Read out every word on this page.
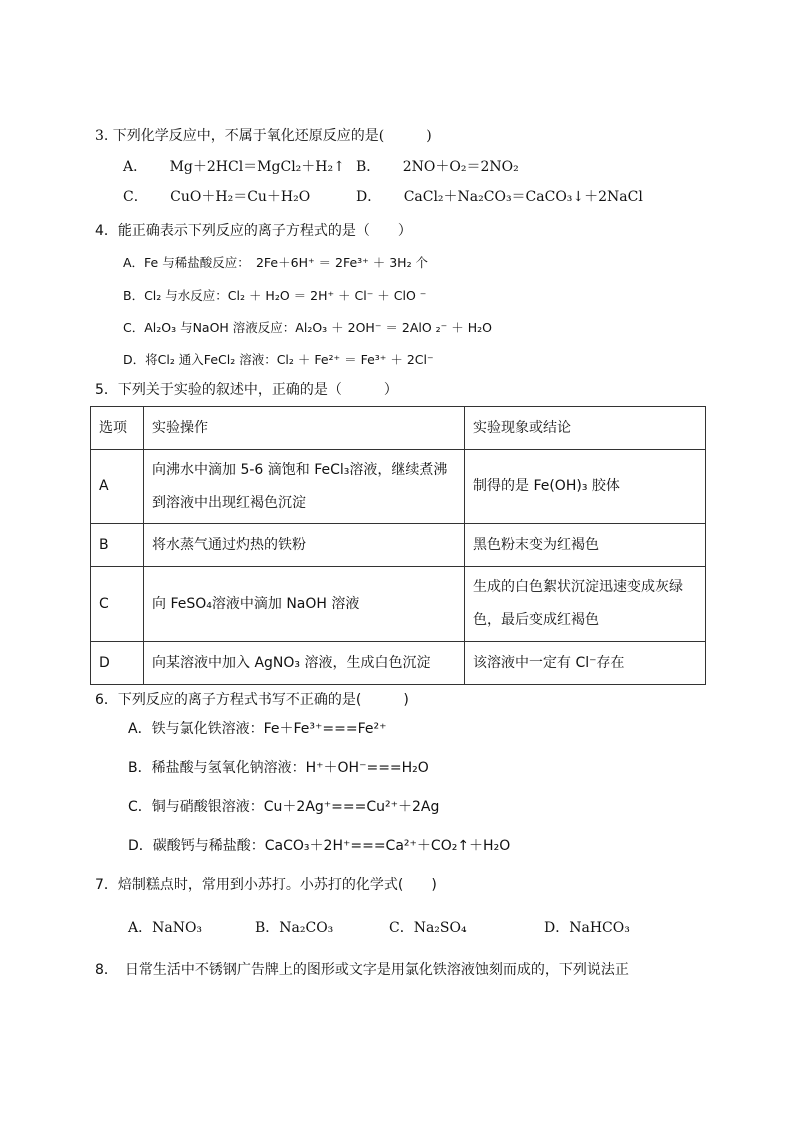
3. 下列化学反应中，不属于氧化还原反应的是(　　　)
A． Mg＋2HCl＝MgCl₂＋H₂↑ B． 2NO＋O₂＝2NO₂
C． CuO＋H₂＝Cu＋H₂O	D． CaCl₂＋Na₂CO₃＝CaCO₃↓＋2NaCl
4．能正确表示下列反应的离子方程式的是（　　）
A．Fe 与稀盐酸反应：　2Fe＋6H⁺ ＝ 2Fe³⁺ ＋ 3H₂ 个
B．Cl₂ 与水反应：Cl₂ ＋ H₂O ＝ 2H⁺ ＋ Cl⁻ ＋ ClO ⁻
C．Al₂O₃ 与NaOH 溶液反应：Al₂O₃ ＋ 2OH⁻ ＝ 2AlO ₂⁻ ＋ H₂O
D．将Cl₂ 通入FeCl₂ 溶液：Cl₂ ＋ Fe²⁺ ＝ Fe³⁺ ＋ 2Cl⁻
5．下列关于实验的叙述中，正确的是（　　　）
选项	实验操作	实验现象或结论
A	向沸水中滴加 5-6 滴饱和 FeCl₃溶液，继续煮沸到溶液中出现红褐色沉淀	制得的是 Fe(OH)₃ 胶体
B	将水蒸气通过灼热的铁粉	黑色粉末变为红褐色
C	向 FeSO₄溶液中滴加 NaOH 溶液	生成的白色絮状沉淀迅速变成灰绿色，最后变成红褐色
D	向某溶液中加入 AgNO₃ 溶液，生成白色沉淀	该溶液中一定有 Cl⁻存在
6．下列反应的离子方程式书写不正确的是(　　　)
A．铁与氯化铁溶液：Fe＋Fe³⁺===Fe²⁺
B．稀盐酸与氢氧化钠溶液：H⁺＋OH⁻===H₂O
C．铜与硝酸银溶液：Cu＋2Ag⁺===Cu²⁺＋2Ag
D．碳酸钙与稀盐酸：CaCO₃＋2H⁺===Ca²⁺＋CO₂↑＋H₂O
7．焙制糕点时，常用到小苏打。小苏打的化学式(　　)
A．NaNO₃	B．Na₂CO₃	C．Na₂SO₄	D．NaHCO₃
8．　日常生活中不锈钢广告牌上的图形或文字是用氯化铁溶液蚀刻而成的，下列说法正
